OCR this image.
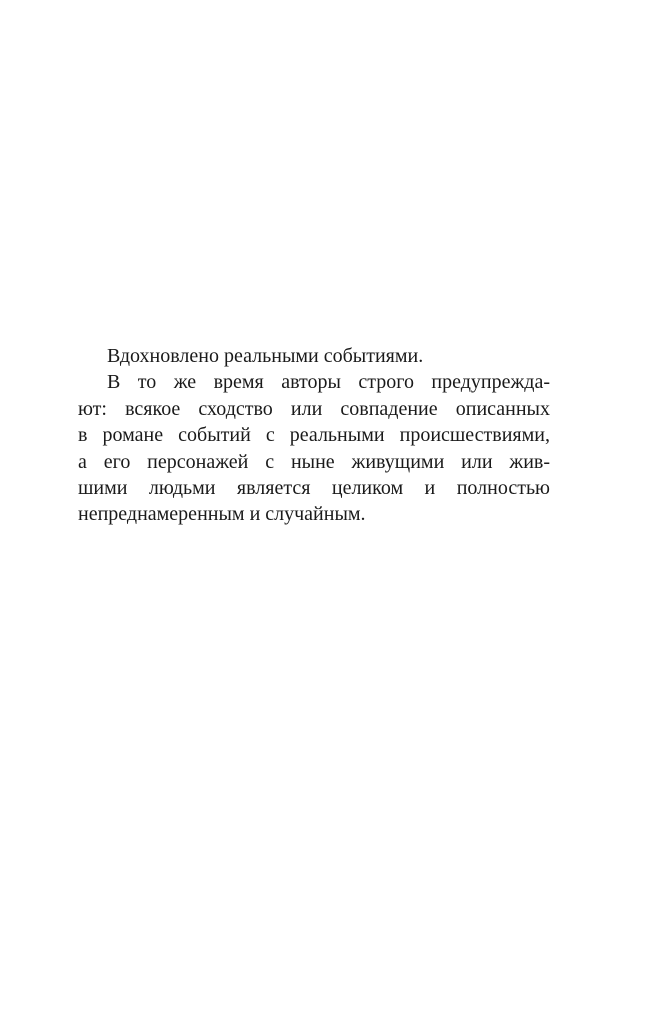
Вдохновлено реальными событиями.
В то же время авторы строго предупрежда-
ют: всякое сходство или совпадение описанных
в романе событий с реальными происшествиями,
а его персонажей с ныне живущими или жив-
шими людьми является целиком и полностью
непреднамеренным и случайным.
